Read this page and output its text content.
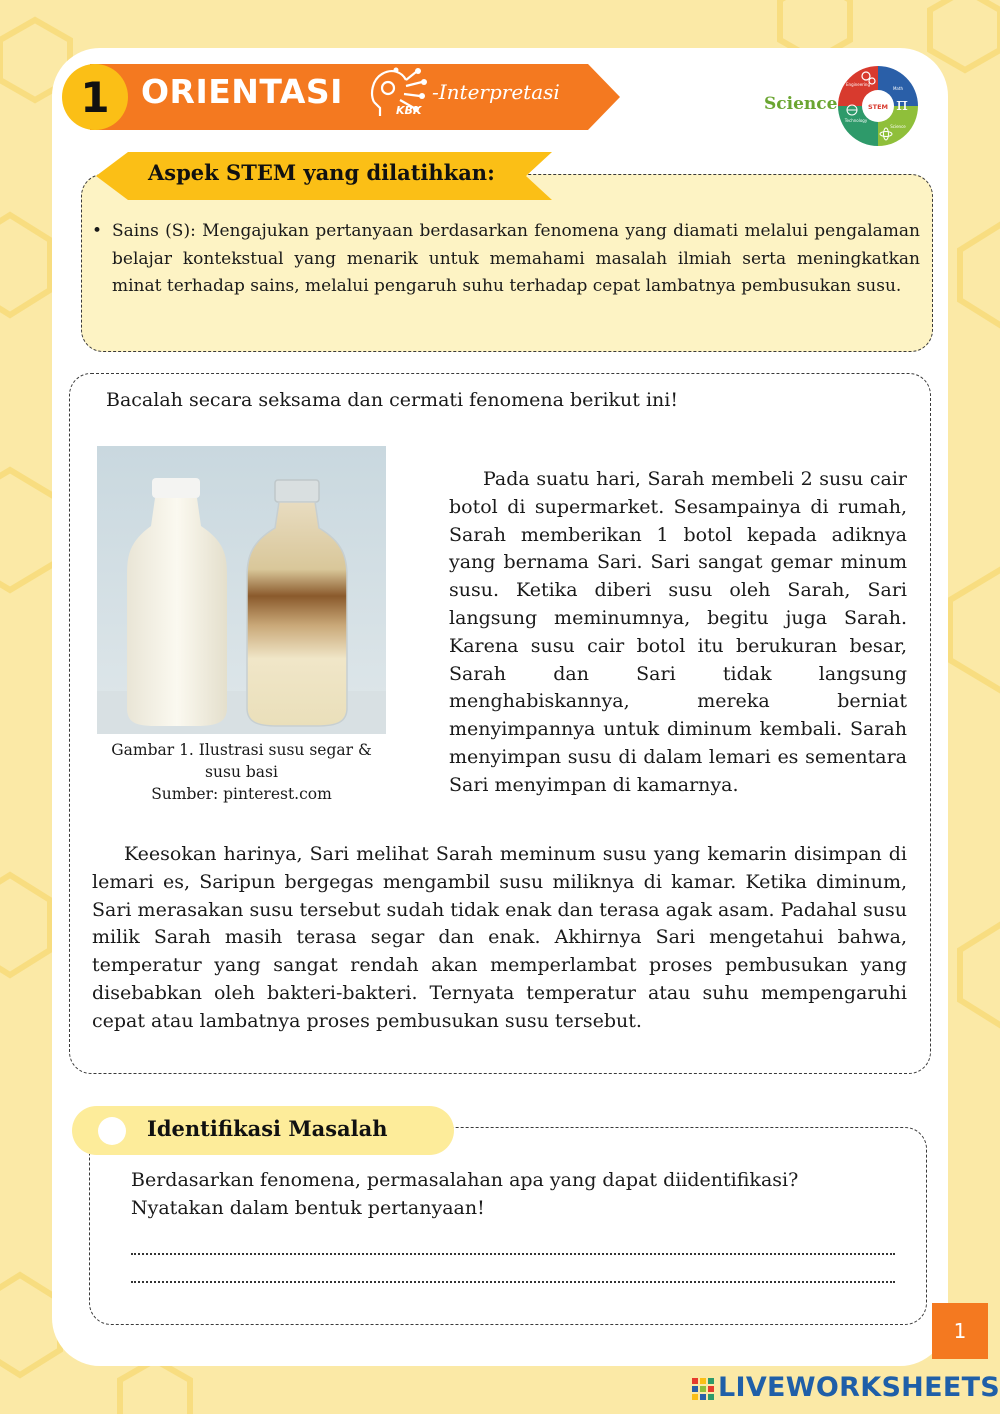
1 ORIENTASI	KBK
-Interpretasi	Science	STEM
Engineering
Math
Science
Technology
π
Aspek STEM yang dilatihkan:
• Sains (S): Mengajukan pertanyaan berdasarkan fenomena yang diamati melalui pengalaman belajar kontekstual yang menarik untuk memahami masalah ilmiah serta meningkatkan minat terhadap sains, melalui pengaruh suhu terhadap cepat lambatnya pembusukan susu.
Bacalah secara seksama dan cermati fenomena berikut ini!
Gambar 1. Ilustrasi susu segar & susu basi
Sumber: pinterest.com

Pada suatu hari, Sarah membeli 2 susu cair botol di supermarket. Sesampainya di rumah, Sarah memberikan 1 botol kepada adiknya yang bernama Sari. Sari sangat gemar minum susu. Ketika diberi susu oleh Sarah, Sari langsung meminumnya, begitu juga Sarah. Karena susu cair botol itu berukuran besar, Sarah dan Sari tidak langsung menghabiskannya, mereka berniat menyimpannya untuk diminum kembali. Sarah menyimpan susu di dalam lemari es sementara Sari menyimpan di kamarnya.

Keesokan harinya, Sari melihat Sarah meminum susu yang kemarin disimpan di lemari es, Saripun bergegas mengambil susu miliknya di kamar. Ketika diminum, Sari merasakan susu tersebut sudah tidak enak dan terasa agak asam. Padahal susu milik Sarah masih terasa segar dan enak. Akhirnya Sari mengetahui bahwa, temperatur yang sangat rendah akan memperlambat proses pembusukan yang disebabkan oleh bakteri-bakteri. Ternyata temperatur atau suhu mempengaruhi cepat atau lambatnya proses pembusukan susu tersebut.

Identifikasi Masalah
Berdasarkan fenomena, permasalahan apa yang dapat diidentifikasi?
Nyatakan dalam bentuk pertanyaan!
1
LIVEWORKSHEETS
